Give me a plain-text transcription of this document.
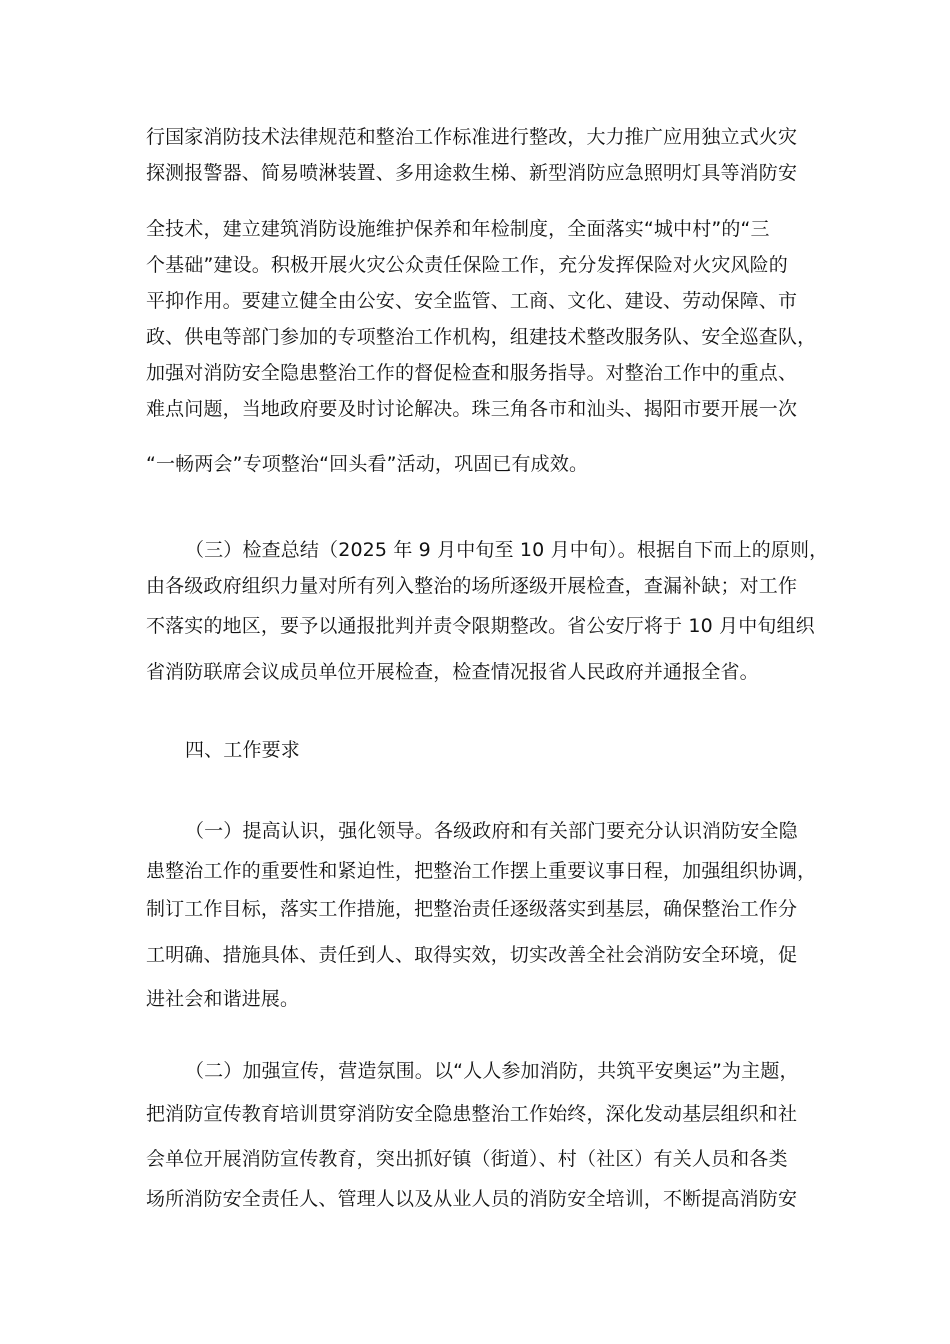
行国家消防技术法律规范和整治工作标准进行整改，大力推广应用独立式火灾
探测报警器、简易喷淋装置、多用途救生梯、新型消防应急照明灯具等消防安
全技术，建立建筑消防设施维护保养和年检制度，全面落实“城中村”的“三
个基础”建设。积极开展火灾公众责任保险工作，充分发挥保险对火灾风险的
平抑作用。要建立健全由公安、安全监管、工商、文化、建设、劳动保障、市
政、供电等部门参加的专项整治工作机构，组建技术整改服务队、安全巡查队，
加强对消防安全隐患整治工作的督促检查和服务指导。对整治工作中的重点、
难点问题，当地政府要及时讨论解决。珠三角各市和汕头、揭阳市要开展一次
“一畅两会”专项整治“回头看”活动，巩固已有成效。
（三）检查总结（2025 年 9 月中旬至 10 月中旬）。根据自下而上的原则，
由各级政府组织力量对所有列入整治的场所逐级开展检查，查漏补缺；对工作
不落实的地区，要予以通报批判并责令限期整改。省公安厅将于 10 月中旬组织
省消防联席会议成员单位开展检查，检查情况报省人民政府并通报全省。
四、工作要求
（一）提高认识，强化领导。各级政府和有关部门要充分认识消防安全隐
患整治工作的重要性和紧迫性，把整治工作摆上重要议事日程，加强组织协调，
制订工作目标，落实工作措施，把整治责任逐级落实到基层，确保整治工作分
工明确、措施具体、责任到人、取得实效，切实改善全社会消防安全环境，促
进社会和谐进展。
（二）加强宣传，营造氛围。以“人人参加消防，共筑平安奥运”为主题，
把消防宣传教育培训贯穿消防安全隐患整治工作始终，深化发动基层组织和社
会单位开展消防宣传教育，突出抓好镇（街道）、村（社区）有关人员和各类
场所消防安全责任人、管理人以及从业人员的消防安全培训，不断提高消防安
